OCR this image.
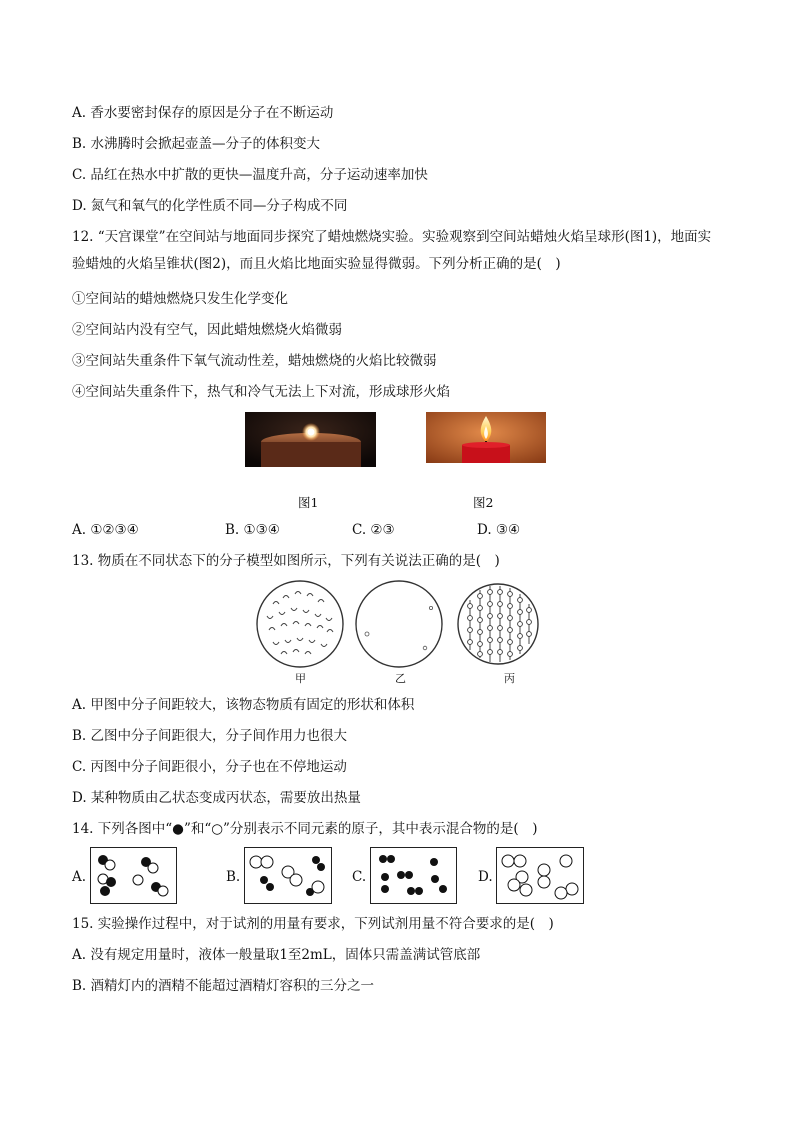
A. 香水要密封保存的原因是分子在不断运动
B. 水沸腾时会掀起壶盖—分子的体积变大
C. 品红在热水中扩散的更快—温度升高，分子运动速率加快
D. 氮气和氧气的化学性质不同—分子构成不同
12. “天宫课堂”在空间站与地面同步探究了蜡烛燃烧实验。实验观察到空间站蜡烛火焰呈球形(图1)，地面实验蜡烛的火焰呈锥状(图2)，而且火焰比地面实验显得微弱。下列分析正确的是(　)
①空间站的蜡烛燃烧只发生化学变化
②空间站内没有空气，因此蜡烛燃烧火焰微弱
③空间站失重条件下氧气流动性差，蜡烛燃烧的火焰比较微弱
④空间站失重条件下，热气和冷气无法上下对流，形成球形火焰
图1	图2
A. ①②③④	B. ①③④	C. ②③	D. ③④
13. 物质在不同状态下的分子模型如图所示，下列有关说法正确的是(　)
甲	乙	丙
A. 甲图中分子间距较大，该物态物质有固定的形状和体积
B. 乙图中分子间距很大，分子间作用力也很大
C. 丙图中分子间距很小，分子也在不停地运动
D. 某种物质由乙状态变成丙状态，需要放出热量
14. 下列各图中“●”和“○”分别表示不同元素的原子，其中表示混合物的是(　)
A.	B.	C.	D.
15. 实验操作过程中，对于试剂的用量有要求，下列试剂用量不符合要求的是(　)
A. 没有规定用量时，液体一般量取1至2mL，固体只需盖满试管底部
B. 酒精灯内的酒精不能超过酒精灯容积的三分之一
